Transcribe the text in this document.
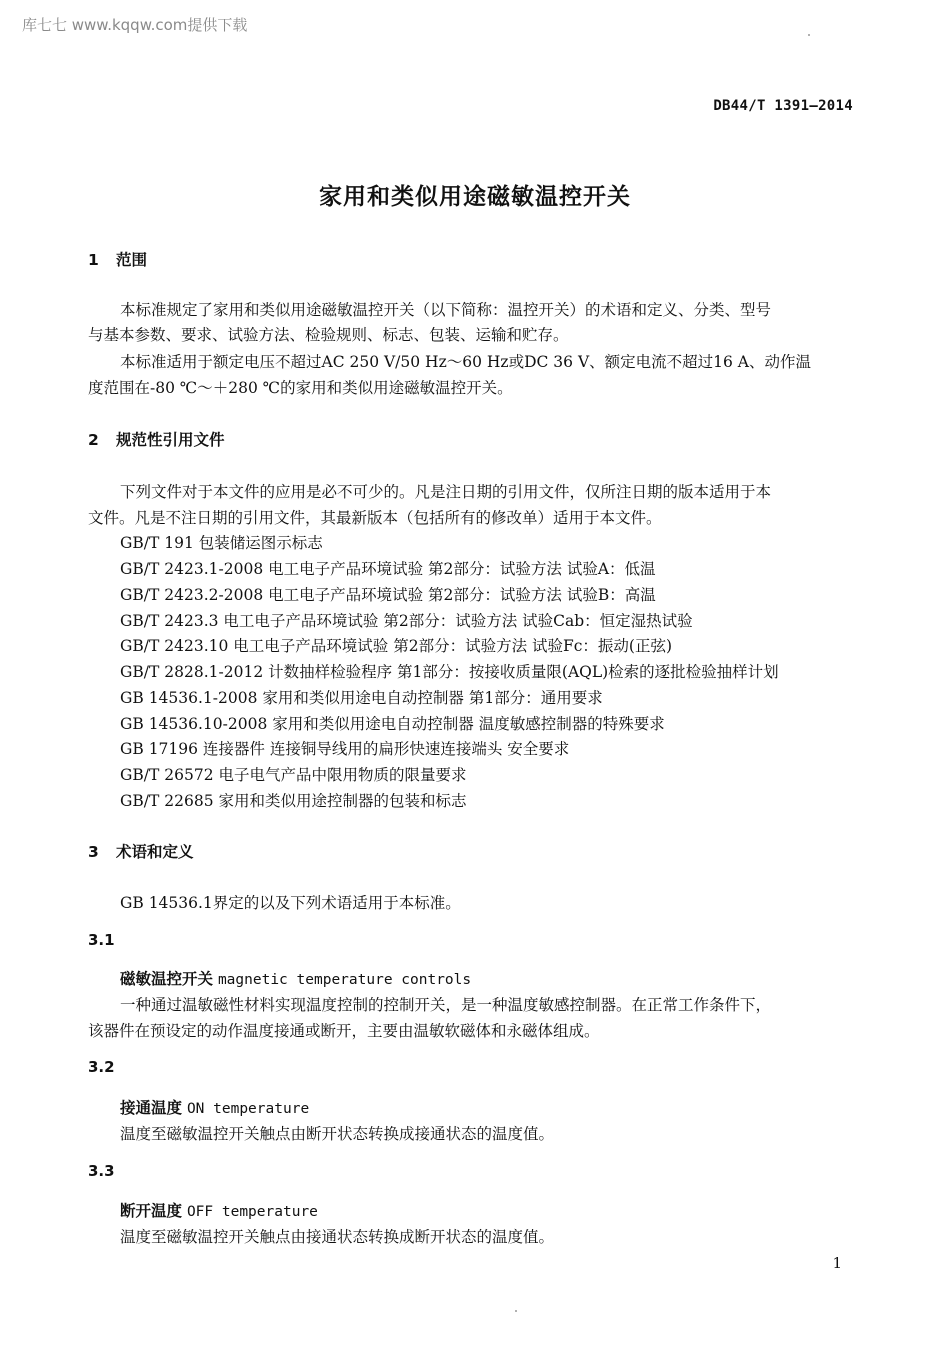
库七七 www.kqqw.com提供下载
DB44/T 1391—2014
家用和类似用途磁敏温控开关
1 范围
本标准规定了家用和类似用途磁敏温控开关（以下简称：温控开关）的术语和定义、分类、型号
与基本参数、要求、试验方法、检验规则、标志、包装、运输和贮存。
本标准适用于额定电压不超过AC 250 V/50 Hz～60 Hz或DC 36 V、额定电流不超过16 A、动作温
度范围在-80 ℃～＋280 ℃的家用和类似用途磁敏温控开关。
2 规范性引用文件
下列文件对于本文件的应用是必不可少的。凡是注日期的引用文件，仅所注日期的版本适用于本
文件。凡是不注日期的引用文件，其最新版本（包括所有的修改单）适用于本文件。
GB/T 191 包装储运图示标志
GB/T 2423.1-2008 电工电子产品环境试验 第2部分：试验方法 试验A：低温
GB/T 2423.2-2008 电工电子产品环境试验 第2部分：试验方法 试验B：高温
GB/T 2423.3 电工电子产品环境试验 第2部分：试验方法 试验Cab：恒定湿热试验
GB/T 2423.10 电工电子产品环境试验 第2部分：试验方法 试验Fc：振动(正弦)
GB/T 2828.1-2012 计数抽样检验程序 第1部分：按接收质量限(AQL)检索的逐批检验抽样计划
GB 14536.1-2008 家用和类似用途电自动控制器 第1部分：通用要求
GB 14536.10-2008 家用和类似用途电自动控制器 温度敏感控制器的特殊要求
GB 17196 连接器件 连接铜导线用的扁形快速连接端头 安全要求
GB/T 26572 电子电气产品中限用物质的限量要求
GB/T 22685 家用和类似用途控制器的包装和标志
3 术语和定义
GB 14536.1界定的以及下列术语适用于本标准。
3.1
磁敏温控开关 magnetic temperature controls
一种通过温敏磁性材料实现温度控制的控制开关，是一种温度敏感控制器。在正常工作条件下，
该器件在预设定的动作温度接通或断开，主要由温敏软磁体和永磁体组成。
3.2
接通温度 ON temperature
温度至磁敏温控开关触点由断开状态转换成接通状态的温度值。
3.3
断开温度 OFF temperature
温度至磁敏温控开关触点由接通状态转换成断开状态的温度值。
1
